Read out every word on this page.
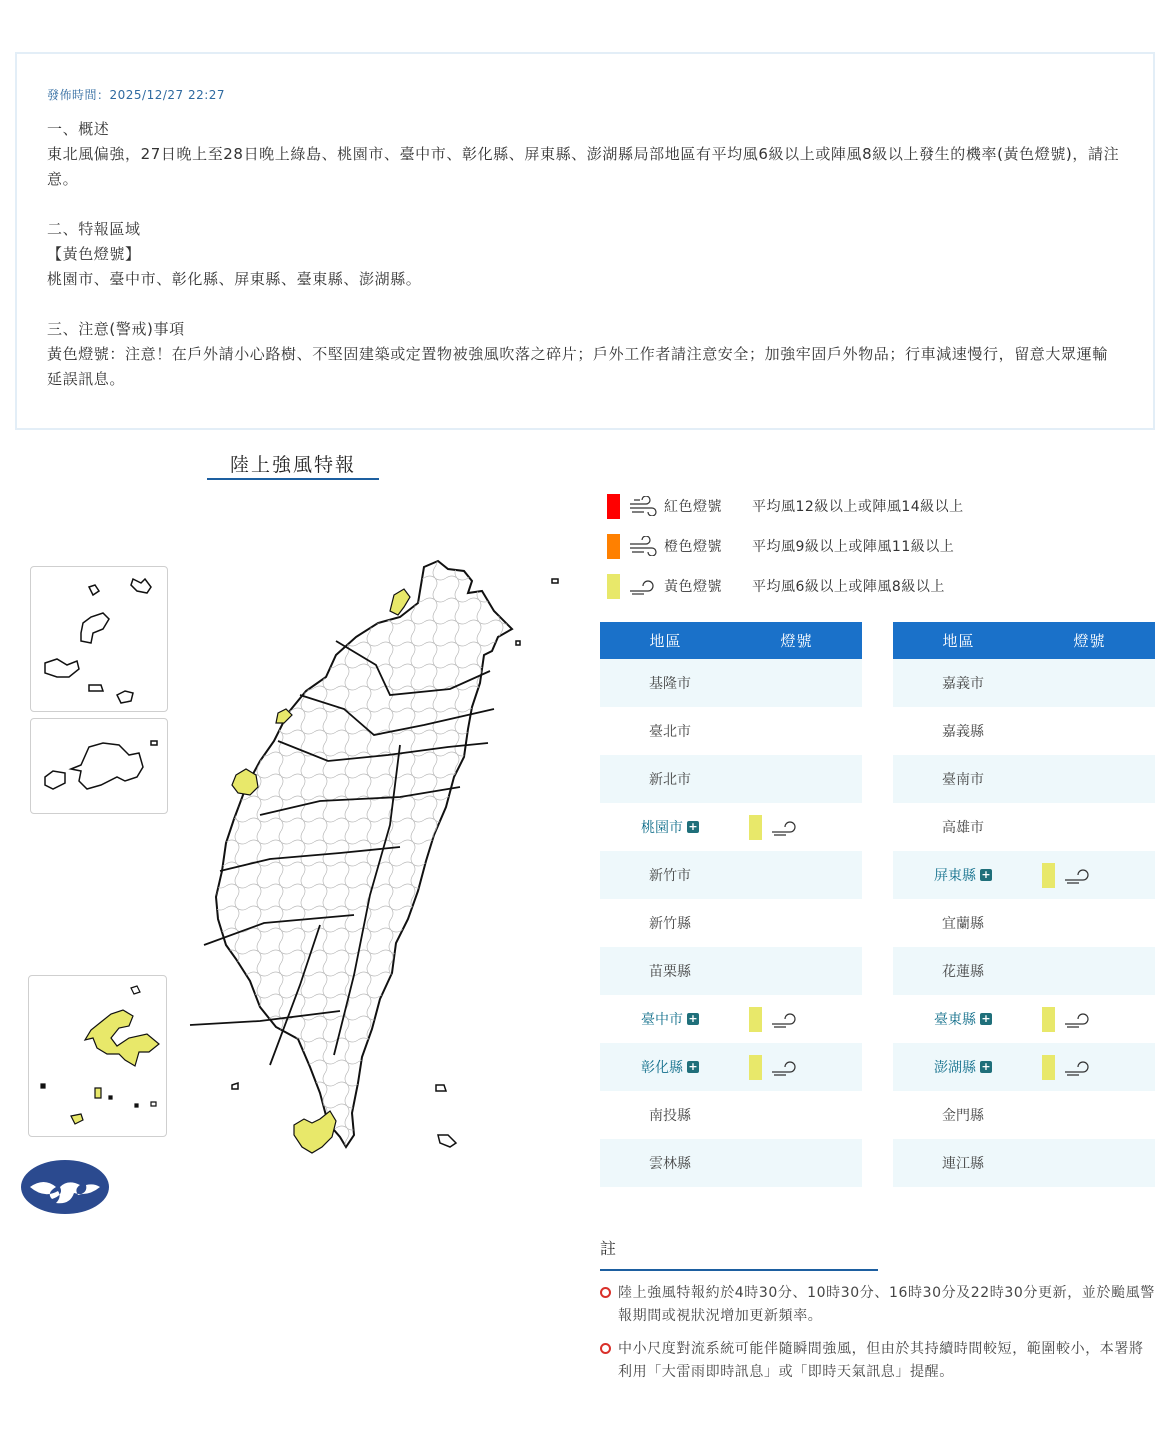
發佈時間：2025/12/27 22:27
一、概述
東北風偏強，27日晚上至28日晚上綠島、桃園市、臺中市、彰化縣、屏東縣、澎湖縣局部地區有平均風6級以上或陣風8級以上發生的機率(黃色燈號)，請注意。
二、特報區域
【黃色燈號】
桃園市、臺中市、彰化縣、屏東縣、臺東縣、澎湖縣。
三、注意(警戒)事項
黃色燈號：注意！在戶外請小心路樹、不堅固建築或定置物被強風吹落之碎片；戶外工作者請注意安全；加強牢固戶外物品；行車減速慢行，留意大眾運輸延誤訊息。
陸上強風特報
紅色燈號	平均風12級以上或陣風14級以上
橙色燈號	平均風9級以上或陣風11級以上
黃色燈號	平均風6級以上或陣風8級以上
地區	燈號
基隆市
臺北市
新北市
桃園市 +
新竹市
新竹縣
苗栗縣
臺中市 +
彰化縣 +
南投縣
雲林縣
地區	燈號
嘉義市
嘉義縣
臺南市
高雄市
屏東縣 +
宜蘭縣
花蓮縣
臺東縣 +
澎湖縣 +
金門縣
連江縣
註
陸上強風特報約於4時30分、10時30分、16時30分及22時30分更新，並於颱風警報期間或視狀況增加更新頻率。
中小尺度對流系統可能伴隨瞬間強風，但由於其持續時間較短，範圍較小，本署將利用「大雷雨即時訊息」或「即時天氣訊息」提醒。
